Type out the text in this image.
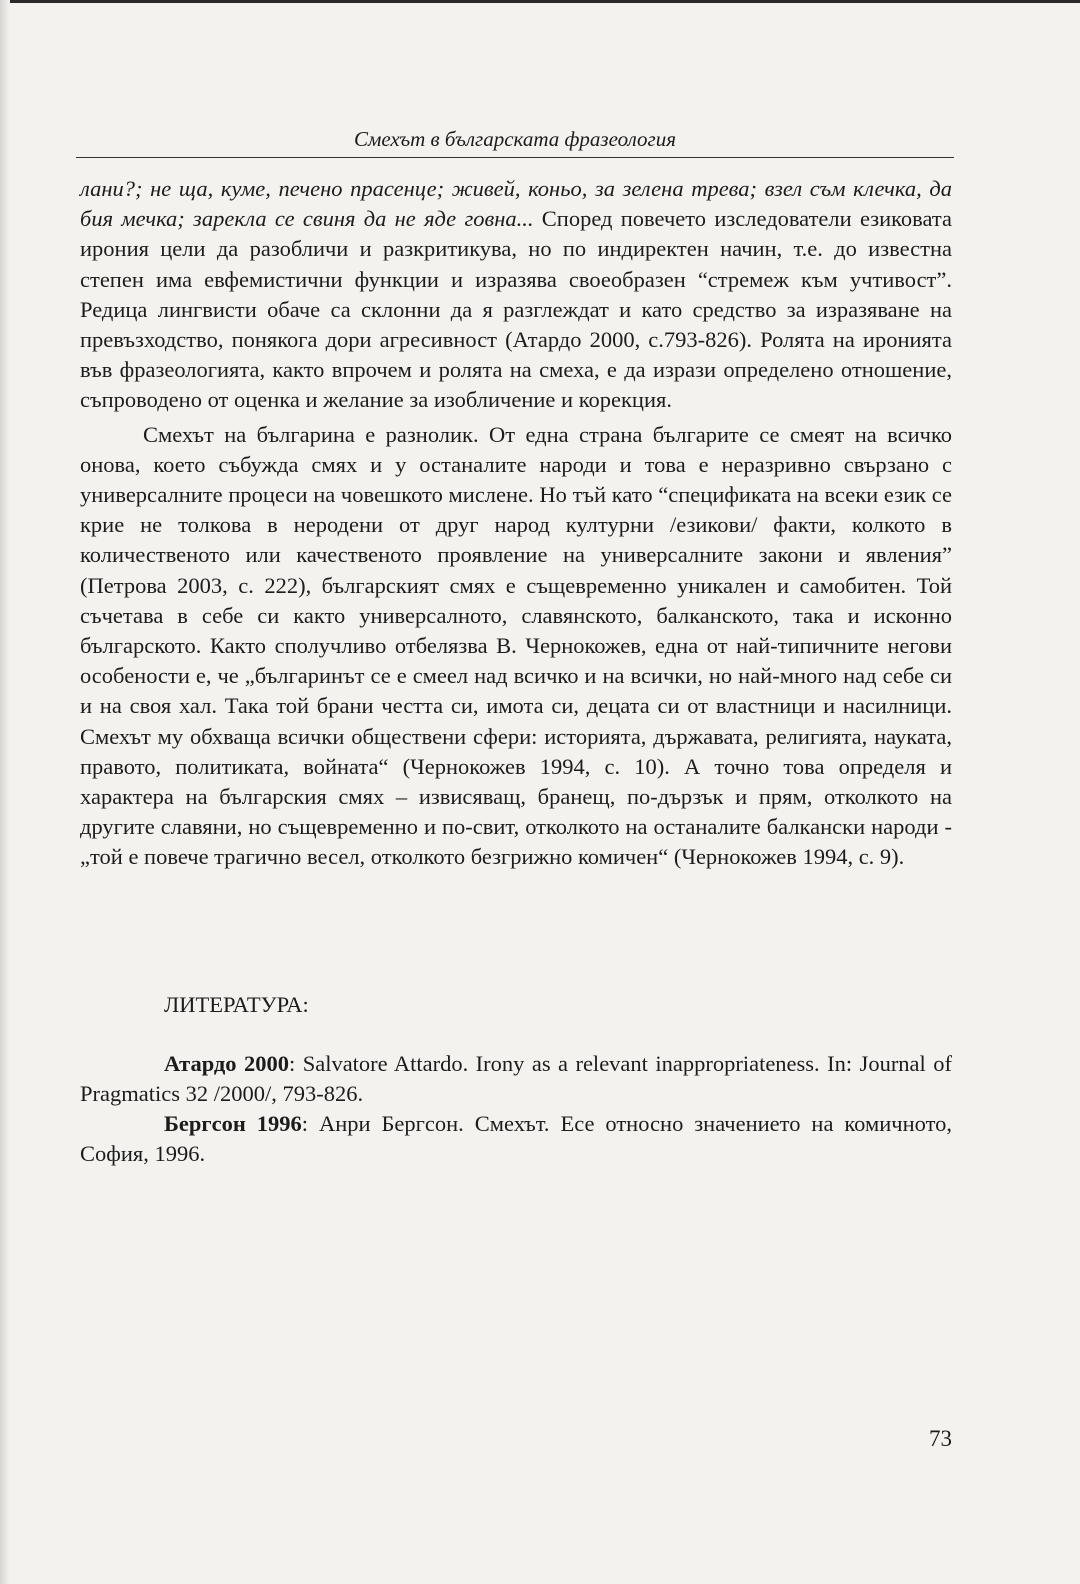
Смехът в българската фразеология

лани?; не ща, куме, печено прасенце; живей, коньо, за зелена трева; взел съм клечка, да бия мечка; зарекла се свиня да не яде говна... Според повечето изследователи езиковата ирония цели да разобличи и разкритикува, но по индиректен начин, т.е. до известна степен има евфемистични функции и изразява своеобразен “стремеж към учтивост”. Редица лингвисти обаче са склонни да я разглеждат и като средство за изразяване на превъзходство, понякога дори агресивност (Атардо 2000, с.793-826). Ролята на иронията във фразеологията, както впрочем и ролята на смеха, е да изрази определено отношение, съпроводено от оценка и желание за изобличение и корекция.

Смехът на българина е разнолик. От една страна българите се смеят на всичко онова, което събужда смях и у останалите народи и това е неразривно свързано с универсалните процеси на човешкото мислене. Но тъй като “спецификата на всеки език се крие не толкова в неродени от друг народ културни /езикови/ факти, колкото в количественото или качественото проявление на универсалните закони и явления” (Петрова 2003, с. 222), българският смях е същевременно уникален и самобитен. Той съчетава в себе си както универсалното, славянското, балканското, така и исконно българското. Както сполучливо отбелязва В. Чернокожев, една от най-типичните негови особености е, че „българинът се е смеел над всичко и на всички, но най-много над себе си и на своя хал. Така той брани честта си, имота си, децата си от властници и насилници. Смехът му обхваща всички обществени сфери: историята, държавата, религията, науката, правото, политиката, войната“ (Чернокожев 1994, с. 10). А точно това определя и характера на българския смях – извисяващ, бранещ, по-дързък и прям, отколкото на другите славяни, но същевременно и по-свит, отколкото на останалите балкански народи - „той е повече трагично весел, отколкото безгрижно комичен“ (Чернокожев 1994, с. 9).

ЛИТЕРАТУРА:

Атардо 2000: Salvatore Attardo. Irony as a relevant inappropriateness. In: Journal of Pragmatics 32 /2000/, 793-826.

Бергсон 1996: Анри Бергсон. Смехът. Есе относно значението на комичното, София, 1996.

73
